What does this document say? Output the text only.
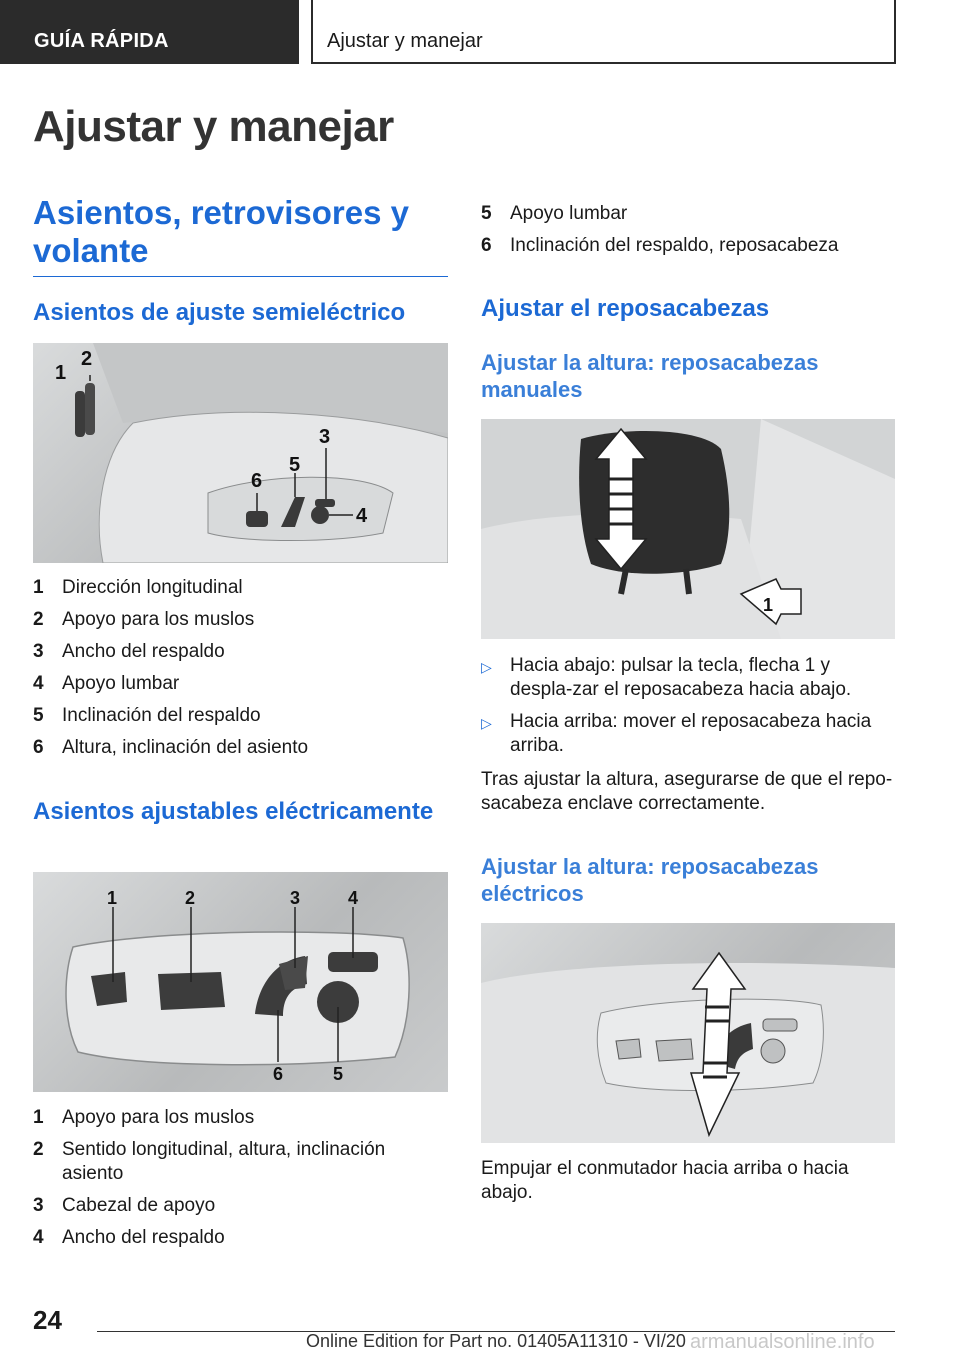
GUÍA RÁPIDA	Ajustar y manejar
Ajustar y manejar
Asientos, retrovisores y volante
Asientos de ajuste semieléctrico
1
2
3
4
5
6
1 Dirección longitudinal
2 Apoyo para los muslos
3 Ancho del respaldo
4 Apoyo lumbar
5 Inclinación del respaldo
6 Altura, inclinación del asiento
Asientos ajustables eléctricamente
1	2	3	4
6	5
1 Apoyo para los muslos
2 Sentido longitudinal, altura, inclinación asiento
3 Cabezal de apoyo
4 Ancho del respaldo
5 Apoyo lumbar
6 Inclinación del respaldo, reposacabeza
Ajustar el reposacabezas
Ajustar la altura: reposacabezas manuales
1
▷ Hacia abajo: pulsar la tecla, flecha 1 y despla-zar el reposacabeza hacia abajo.
▷ Hacia arriba: mover el reposacabeza hacia arriba.

Tras ajustar la altura, asegurarse de que el repo-sacabeza enclave correctamente.

Ajustar la altura: reposacabezas eléctricos

Empujar el conmutador hacia arriba o hacia abajo.

24
Online Edition for Part no. 01405A11310 - VI/20 armanualsonline.info
